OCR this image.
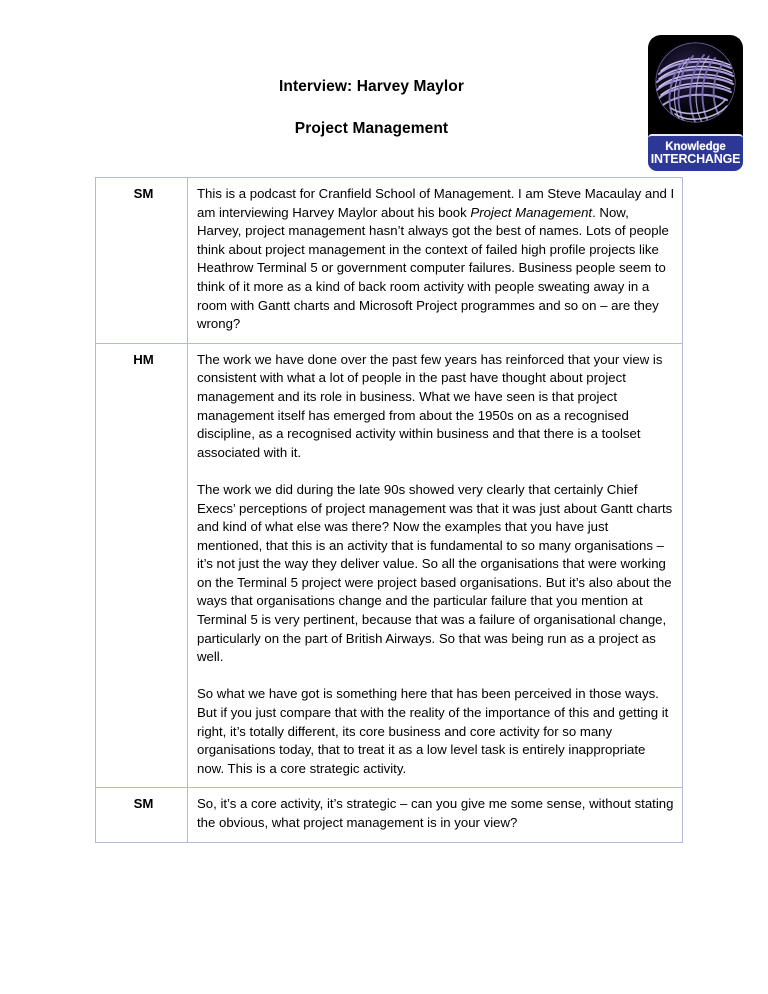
Interview: Harvey Maylor
Project Management
Knowledge
INTERCHANGE
SM	This is a podcast for Cranfield School of Management. I am Steve Macaulay and I am interviewing Harvey Maylor about his book Project Management. Now, Harvey, project management hasn’t always got the best of names. Lots of people think about project management in the context of failed high profile projects like Heathrow Terminal 5 or government computer failures. Business people seem to think of it more as a kind of back room activity with people sweating away in a room with Gantt charts and Microsoft Project programmes and so on – are they wrong?

HM	The work we have done over the past few years has reinforced that your view is consistent with what a lot of people in the past have thought about project management and its role in business. What we have seen is that project management itself has emerged from about the 1950s on as a recognised discipline, as a recognised activity within business and that there is a toolset associated with it.

The work we did during the late 90s showed very clearly that certainly Chief Execs’ perceptions of project management was that it was just about Gantt charts and kind of what else was there? Now the examples that you have just mentioned, that this is an activity that is fundamental to so many organisations – it’s not just the way they deliver value. So all the organisations that were working on the Terminal 5 project were project based organisations. But it’s also about the ways that organisations change and the particular failure that you mention at Terminal 5 is very pertinent, because that was a failure of organisational change, particularly on the part of British Airways. So that was being run as a project as well.

So what we have got is something here that has been perceived in those ways. But if you just compare that with the reality of the importance of this and getting it right, it’s totally different, its core business and core activity for so many organisations today, that to treat it as a low level task is entirely inappropriate now. This is a core strategic activity.

SM	So, it’s a core activity, it’s strategic – can you give me some sense, without stating the obvious, what project management is in your view?
